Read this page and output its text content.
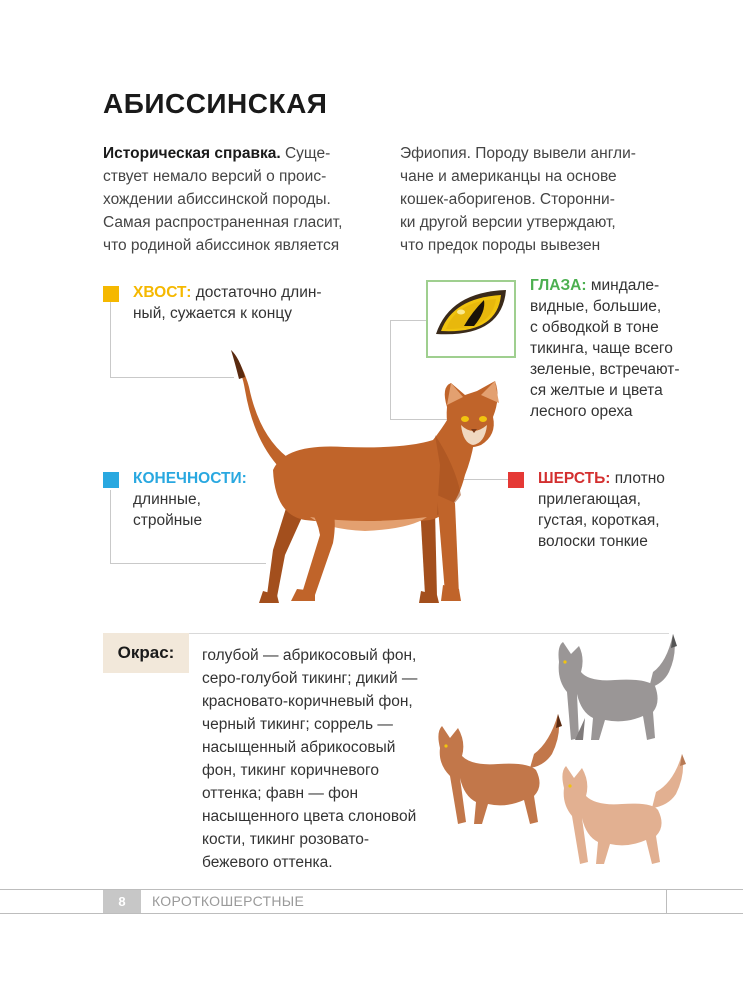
АБИССИНСКАЯ
Историческая справка. Суще-
ствует немало версий о проис-
хождении абиссинской породы.
Самая распространенная гласит,
что родиной абиссинок является
Эфиопия. Породу вывели англи-
чане и американцы на основе
кошек-аборигенов. Сторонни-
ки другой версии утверждают,
что предок породы вывезен
ХВОСТ: достаточно длин-
ный, сужается к концу
ГЛАЗА: миндале-
видные, большие,
с обводкой в тоне
тикинга, чаще всего
зеленые, встречают-
ся желтые и цвета
лесного ореха
КОНЕЧНОСТИ:
длинные,
стройные
ШЕРСТЬ: плотно
прилегающая,
густая, короткая,
волоски тонкие
Окрас:	голубой — абрикосовый фон,
серо-голубой тикинг; дикий —
красновато-коричневый фон,
черный тикинг; соррель —
насыщенный абрикосовый
фон, тикинг коричневого
оттенка; фавн — фон
насыщенного цвета слоновой
кости, тикинг розовато-
бежевого оттенка.
8	КОРОТКОШЕРСТНЫЕ
